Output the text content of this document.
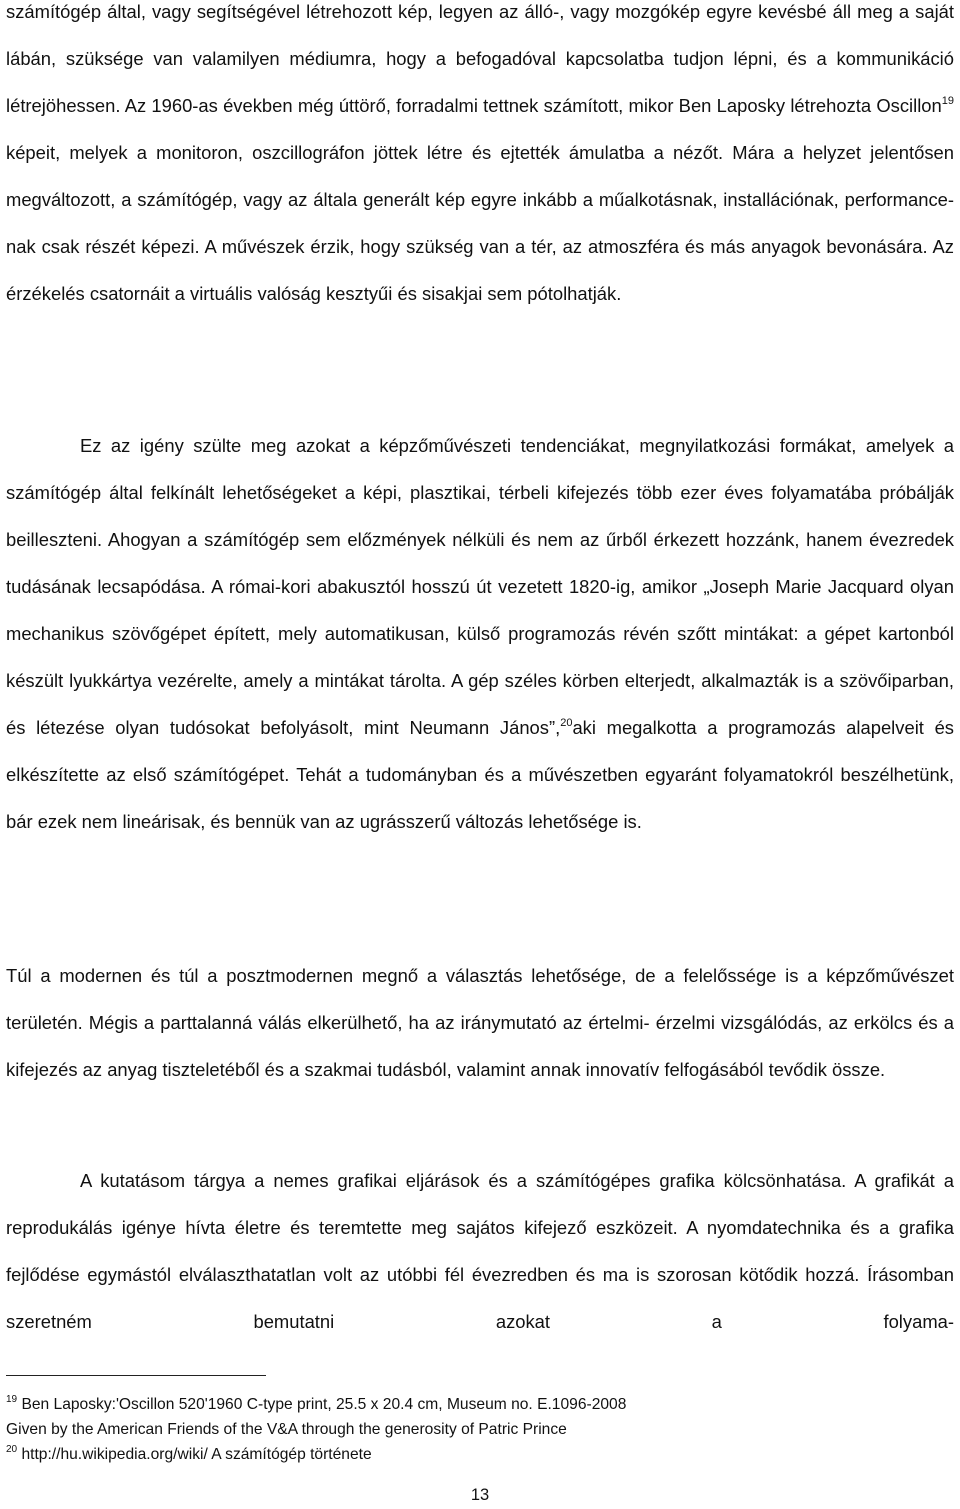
számítógép által, vagy segítségével létrehozott kép, legyen az álló-, vagy mozgókép egyre kevésbé áll meg a saját lábán, szüksége van valamilyen médiumra, hogy a befogadóval kapcsolatba tudjon lépni, és a kommunikáció létrejöhessen. Az 1960-as években még úttörő, forradalmi tettnek számított, mikor Ben Laposky létrehozta Oscillon$^{19}$ képeit, melyek a monitoron, oszcillográfon jöttek létre és ejtették ámulatba a nézőt. Mára a helyzet jelentősen megváltozott, a számítógép, vagy az általa generált kép egyre inkább a műalkotásnak, installációnak, performance-nak csak részét képezi. A művészek érzik, hogy szükség van a tér, az atmoszféra és más anyagok bevonására. Az érzékelés csatornáit a virtuális valóság kesztyűi és sisakjai sem pótolhatják.

Ez az igény szülte meg azokat a képzőművészeti tendenciákat, megnyilatkozási formákat, amelyek a számítógép által felkínált lehetőségeket a képi, plasztikai, térbeli kifejezés több ezer éves folyamatába próbálják beilleszteni. Ahogyan a számítógép sem előzmények nélküli és nem az űrből érkezett hozzánk, hanem évezredek tudásának lecsapódása. A római-kori abakusztól hosszú út vezetett 1820-ig, amikor „Joseph Marie Jacquard olyan mechanikus szövőgépet épített, mely automatikusan, külső programozás révén szőtt mintákat: a gépet kartonból készült lyukkártya vezérelte, amely a mintákat tárolta. A gép széles körben elterjedt, alkalmazták is a szövőiparban, és létezése olyan tudósokat befolyásolt, mint Neumann János”,$^{20}$aki megalkotta a programozás alapelveit és elkészítette az első számítógépet. Tehát a tudományban és a művészetben egyaránt folyamatokról beszélhetünk, bár ezek nem lineárisak, és bennük van az ugrásszerű változás lehetősége is.

Túl a modernen és túl a posztmodernen megnő a választás lehetősége, de a felelőssége is a képzőművészet területén. Mégis a parttalanná válás elkerülhető, ha az iránymutató az értelmi- érzelmi vizsgálódás, az erkölcs és a kifejezés az anyag tiszteletéből és a szakmai tudásból, valamint annak innovatív felfogásából tevődik össze.

A kutatásom tárgya a nemes grafikai eljárások és a számítógépes grafika kölcsönhatása. A grafikát a reprodukálás igénye hívta életre és teremtette meg sajátos kifejező eszközeit. A nyomdatechnika és a grafika fejlődése egymástól elválaszthatatlan volt az utóbbi fél évezredben és ma is szorosan kötődik hozzá. Írásomban szeretném bemutatni azokat a folyama-

$^{19}$ Ben Laposky:'Oscillon 520'1960 C-type print, 25.5 x 20.4 cm, Museum no. E.1096-2008

Given by the American Friends of the V&A through the generosity of Patric Prince

$^{20}$ http://hu.wikipedia.org/wiki/ A számítógép története

13
